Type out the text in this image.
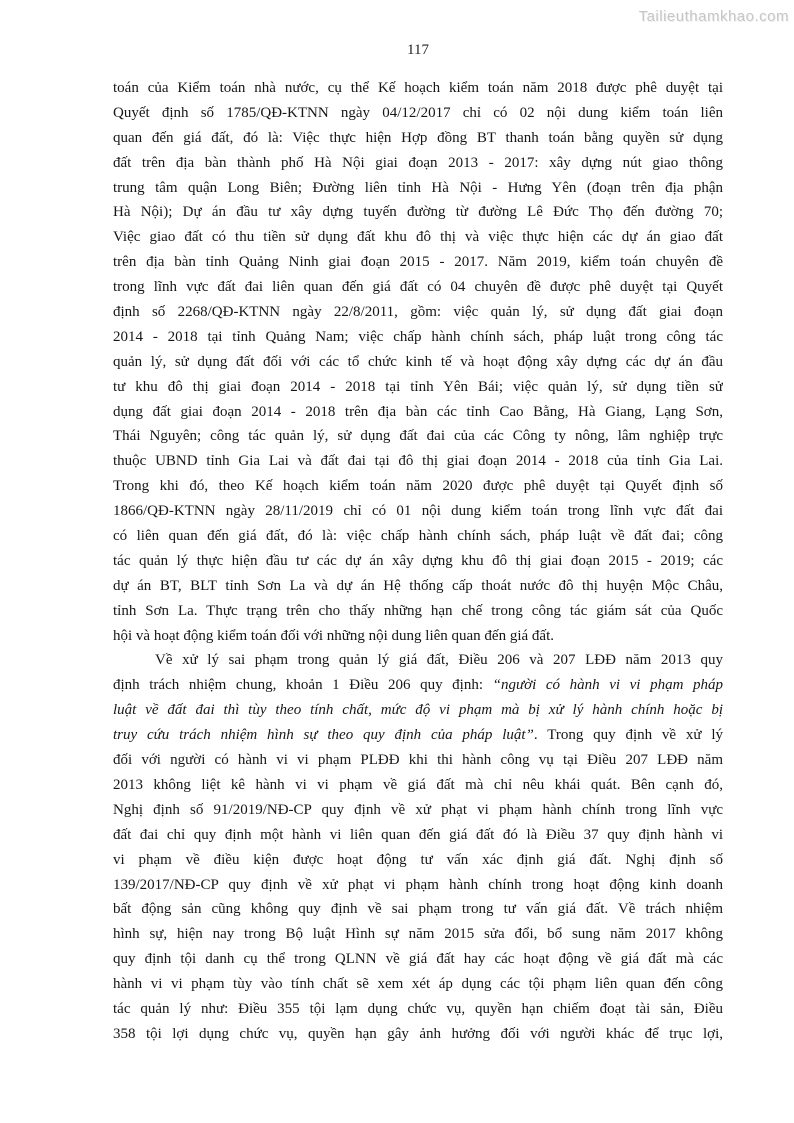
Tailieuthamkhao.com
117
toán của Kiểm toán nhà nước, cụ thể Kế hoạch kiểm toán năm 2018 được phê duyệt tại
Quyết định số 1785/QĐ-KTNN ngày 04/12/2017 chỉ có 02 nội dung kiểm toán liên
quan đến giá đất, đó là: Việc thực hiện Hợp đồng BT thanh toán bằng quyền sử dụng
đất trên địa bàn thành phố Hà Nội giai đoạn 2013 - 2017: xây dựng nút giao thông
trung tâm quận Long Biên; Đường liên tỉnh Hà Nội - Hưng Yên (đoạn trên địa phận
Hà Nội); Dự án đầu tư xây dựng tuyến đường từ đường Lê Đức Thọ đến đường 70;
Việc giao đất có thu tiền sử dụng đất khu đô thị và việc thực hiện các dự án giao đất
trên địa bàn tỉnh Quảng Ninh giai đoạn 2015 - 2017. Năm 2019, kiểm toán chuyên đề
trong lĩnh vực đất đai liên quan đến giá đất có 04 chuyên đề được phê duyệt tại Quyết
định số 2268/QĐ-KTNN ngày 22/8/2011, gồm: việc quản lý, sử dụng đất giai đoạn
2014 - 2018 tại tỉnh Quảng Nam; việc chấp hành chính sách, pháp luật trong công tác
quản lý, sử dụng đất đối với các tổ chức kinh tế và hoạt động xây dựng các dự án đầu
tư khu đô thị giai đoạn 2014 - 2018 tại tỉnh Yên Bái; việc quản lý, sử dụng tiền sử
dụng đất giai đoạn 2014 - 2018 trên địa bàn các tỉnh Cao Bằng, Hà Giang, Lạng Sơn,
Thái Nguyên; công tác quản lý, sử dụng đất đai của các Công ty nông, lâm nghiệp trực
thuộc UBND tỉnh Gia Lai và đất đai tại đô thị giai đoạn 2014 - 2018 của tỉnh Gia Lai.
Trong khi đó, theo Kế hoạch kiểm toán năm 2020 được phê duyệt tại Quyết định số
1866/QĐ-KTNN ngày 28/11/2019 chỉ có 01 nội dung kiểm toán trong lĩnh vực đất đai
có liên quan đến giá đất, đó là: việc chấp hành chính sách, pháp luật về đất đai; công
tác quản lý thực hiện đầu tư các dự án xây dựng khu đô thị giai đoạn 2015 - 2019; các
dự án BT, BLT tỉnh Sơn La và dự án Hệ thống cấp thoát nước đô thị huyện Mộc Châu,
tỉnh Sơn La. Thực trạng trên cho thấy những hạn chế trong công tác giám sát của Quốc
hội và hoạt động kiểm toán đối với những nội dung liên quan đến giá đất.
Về xử lý sai phạm trong quản lý giá đất, Điều 206 và 207 LĐĐ năm 2013 quy
định trách nhiệm chung, khoản 1 Điều 206 quy định: “người có hành vi vi phạm pháp
luật về đất đai thì tùy theo tính chất, mức độ vi phạm mà bị xử lý hành chính hoặc bị
truy cứu trách nhiệm hình sự theo quy định của pháp luật”. Trong quy định về xử lý
đối với người có hành vi vi phạm PLĐĐ khi thi hành công vụ tại Điều 207 LĐĐ năm
2013 không liệt kê hành vi vi phạm về giá đất mà chỉ nêu khái quát. Bên cạnh đó,
Nghị định số 91/2019/NĐ-CP quy định về xử phạt vi phạm hành chính trong lĩnh vực
đất đai chỉ quy định một hành vi liên quan đến giá đất đó là Điều 37 quy định hành vi
vi phạm về điều kiện được hoạt động tư vấn xác định giá đất. Nghị định số
139/2017/NĐ-CP quy định về xử phạt vi phạm hành chính trong hoạt động kinh doanh
bất động sản cũng không quy định về sai phạm trong tư vấn giá đất. Về trách nhiệm
hình sự, hiện nay trong Bộ luật Hình sự năm 2015 sửa đổi, bổ sung năm 2017 không
quy định tội danh cụ thể trong QLNN về giá đất hay các hoạt động về giá đất mà các
hành vi vi phạm tùy vào tính chất sẽ xem xét áp dụng các tội phạm liên quan đến công
tác quản lý như: Điều 355 tội lạm dụng chức vụ, quyền hạn chiếm đoạt tài sản, Điều
358 tội lợi dụng chức vụ, quyền hạn gây ảnh hưởng đối với người khác để trục lợi,
